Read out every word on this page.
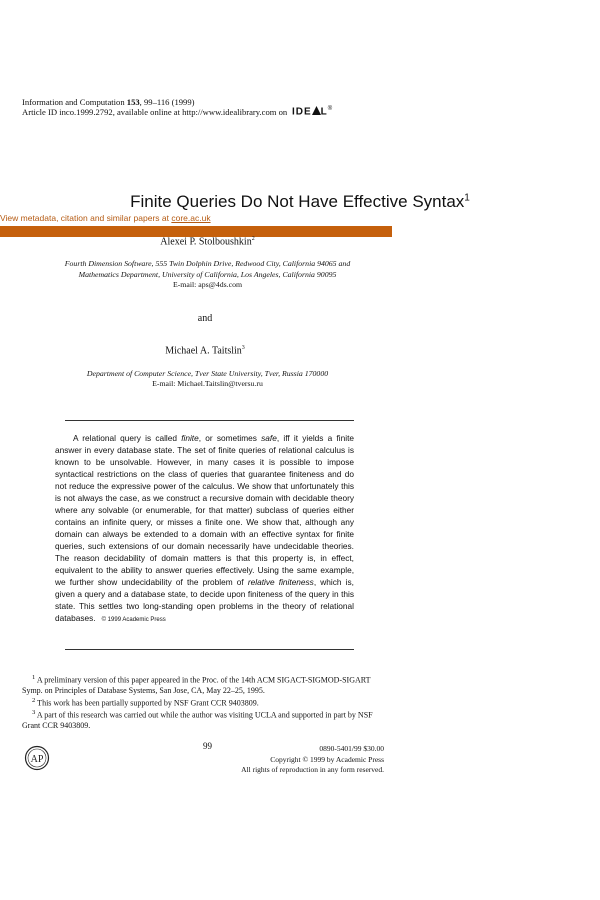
Information and Computation 153, 99–116 (1999)
Article ID inco.1999.2792, available online at http://www.idealibrary.com on IDE L®
Finite Queries Do Not Have Effective Syntax$^1$
View metadata, citation and similar papers at core.ac.uk
Alexei P. Stolboushkin$^2$
Fourth Dimension Software, 555 Twin Dolphin Drive, Redwood City, California 94065 and
Mathematics Department, University of California, Los Angeles, California 90095
E-mail: aps@4ds.com
and
Michael A. Taitslin$^3$
Department of Computer Science, Tver State University, Tver, Russia 170000
E-mail: Michael.Taitslin@tversu.ru
A relational query is called finite, or sometimes safe, iff it yields a finite answer in every database state. The set of finite queries of relational calculus is known to be unsolvable. However, in many cases it is possible to impose syntactical restrictions on the class of queries that guarantee finiteness and do not reduce the expressive power of the calculus. We show that unfortunately this is not always the case, as we construct a recursive domain with decidable theory where any solvable (or enumerable, for that matter) subclass of queries either contains an infinite query, or misses a finite one. We show that, although any domain can always be extended to a domain with an effective syntax for finite queries, such extensions of our domain necessarily have undecidable theories. The reason decidability of domain matters is that this property is, in effect, equivalent to the ability to answer queries effectively. Using the same example, we further show undecidability of the problem of relative finiteness, which is, given a query and a database state, to decide upon finiteness of the query in this state. This settles two long-standing open problems in the theory of relational databases. © 1999 Academic Press

$^1$ A preliminary version of this paper appeared in the Proc. of the 14th ACM SIGACT-SIGMOD-SIGART Symp. on Principles of Database Systems, San Jose, CA, May 22–25, 1995.

$^2$ This work has been partially supported by NSF Grant CCR 9403809.

$^3$ A part of this research was carried out while the author was visiting UCLA and supported in part by NSF Grant CCR 9403809.

AP
99	0890-5401/99 $30.00
Copyright © 1999 by Academic Press
All rights of reproduction in any form reserved.
